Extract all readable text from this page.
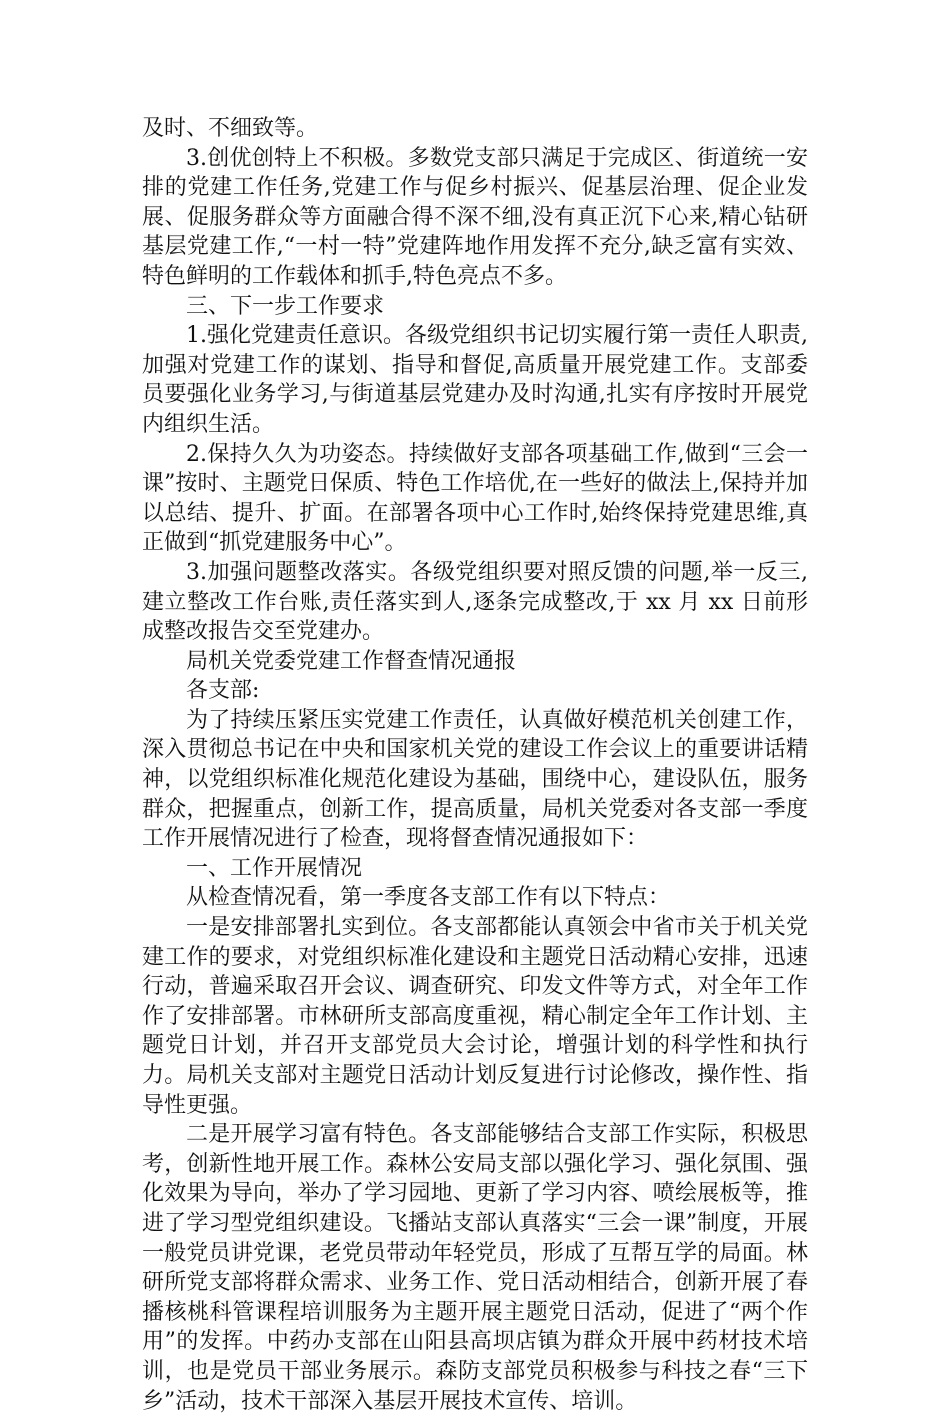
及时、不细致等。

3.创优创特上不积极。多数党支部只满足于完成区、街道统一安排的党建工作任务,党建工作与促乡村振兴、促基层治理、促企业发展、促服务群众等方面融合得不深不细,没有真正沉下心来,精心钻研基层党建工作,“一村一特”党建阵地作用发挥不充分,缺乏富有实效、特色鲜明的工作载体和抓手,特色亮点不多。

三、下一步工作要求

1.强化党建责任意识。各级党组织书记切实履行第一责任人职责,加强对党建工作的谋划、指导和督促,高质量开展党建工作。支部委员要强化业务学习,与街道基层党建办及时沟通,扎实有序按时开展党内组织生活。

2.保持久久为功姿态。持续做好支部各项基础工作,做到“三会一课”按时、主题党日保质、特色工作培优,在一些好的做法上,保持并加以总结、提升、扩面。在部署各项中心工作时,始终保持党建思维,真正做到“抓党建服务中心”。

3.加强问题整改落实。各级党组织要对照反馈的问题,举一反三,建立整改工作台账,责任落实到人,逐条完成整改,于 xx 月 xx 日前形成整改报告交至党建办。

局机关党委党建工作督查情况通报

各支部:

为了持续压紧压实党建工作责任，认真做好模范机关创建工作，深入贯彻总书记在中央和国家机关党的建设工作会议上的重要讲话精神，以党组织标准化规范化建设为基础，围绕中心，建设队伍，服务群众，把握重点，创新工作，提高质量，局机关党委对各支部一季度工作开展情况进行了检查，现将督查情况通报如下：

一、工作开展情况

从检查情况看，第一季度各支部工作有以下特点：

一是安排部署扎实到位。各支部都能认真领会中省市关于机关党建工作的要求，对党组织标准化建设和主题党日活动精心安排，迅速行动，普遍采取召开会议、调查研究、印发文件等方式，对全年工作作了安排部署。市林研所支部高度重视，精心制定全年工作计划、主题党日计划，并召开支部党员大会讨论，增强计划的科学性和执行力。局机关支部对主题党日活动计划反复进行讨论修改，操作性、指导性更强。

二是开展学习富有特色。各支部能够结合支部工作实际，积极思考，创新性地开展工作。森林公安局支部以强化学习、强化氛围、强化效果为导向，举办了学习园地、更新了学习内容、喷绘展板等，推进了学习型党组织建设。飞播站支部认真落实“三会一课”制度，开展一般党员讲党课，老党员带动年轻党员，形成了互帮互学的局面。林研所党支部将群众需求、业务工作、党日活动相结合，创新开展了春播核桃科管课程培训服务为主题开展主题党日活动，促进了“两个作用”的发挥。中药办支部在山阳县高坝店镇为群众开展中药材技术培训，也是党员干部业务展示。森防支部党员积极参与科技之春“三下乡”活动，技术干部深入基层开展技术宣传、培训。
